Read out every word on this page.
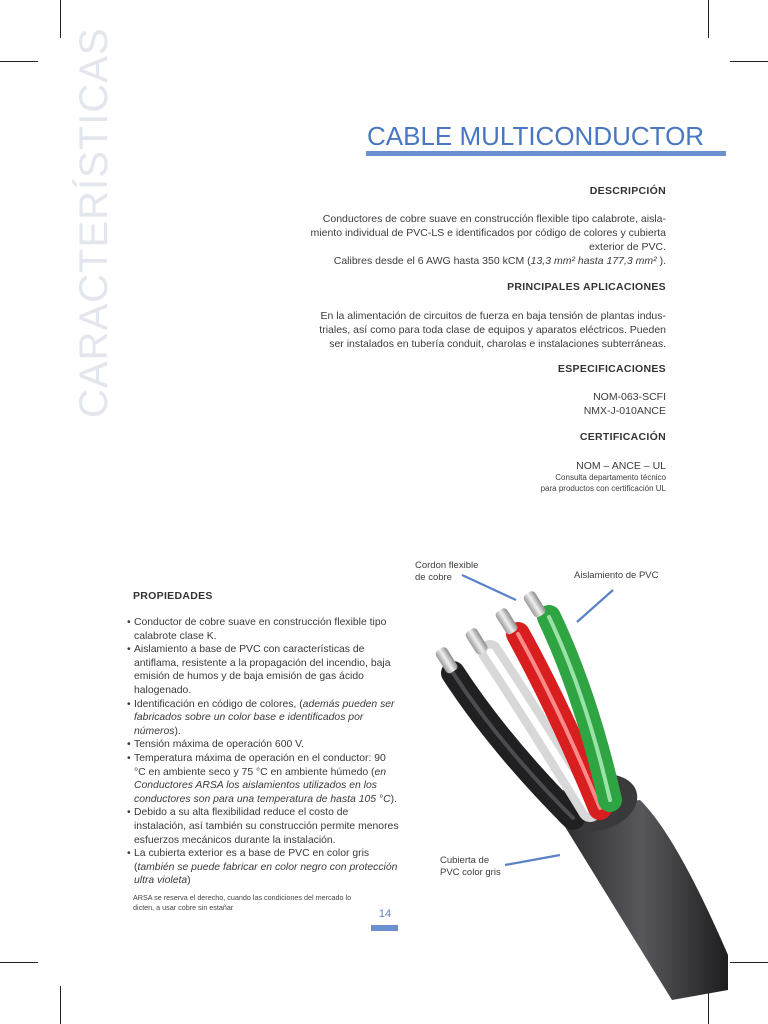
CARACTERÍSTICAS	CABLE MULTICONDUCTOR
DESCRIPCIÓN
Conductores de cobre suave en construcción flexible tipo calabrote, aisla-
miento individual de PVC-LS e identificados por código de colores y cubierta
exterior de PVC.
Calibres desde el 6 AWG hasta 350 kCM (13,3 mm² hasta 177,3 mm² ).
PRINCIPALES APLICACIONES
En la alimentación de circuitos de fuerza en baja tensión de plantas indus-
triales, así como para toda clase de equipos y aparatos eléctricos. Pueden
ser instalados en tubería conduit, charolas e instalaciones subterráneas.
ESPECIFICACIONES
NOM-063-SCFI
NMX-J-010ANCE
CERTIFICACIÓN
NOM – ANCE – UL
Consulta departamento técnico
para productos con certificación UL
Cordon flexible
de cobre	Aislamiento de PVC
Cubierta de
PVC color gris
PROPIEDADES
• Conductor de cobre suave en construcción flexible tipo calabrote clase K.
• Aislamiento a base de PVC con características de antiflama, resistente a la propagación del incendio, baja emisión de humos y de baja emisión de gas ácido halogenado.
• Identificación en código de colores, (además pueden ser fabricados sobre un color base e identificados por números).
• Tensión máxima de operación 600 V.
• Temperatura máxima de operación en el conductor: 90 °C en ambiente seco y 75 °C en ambiente húmedo (en Conductores ARSA los aislamientos utilizados en los conductores son para una temperatura de hasta 105 °C).
• Debido a su alta flexibilidad reduce el costo de instalación, así también su construcción permite menores esfuerzos mecánicos durante la instalación.
• La cubierta exterior es a base de PVC en color gris (también se puede fabricar en color negro con protección ultra violeta)
ARSA se reserva el derecho, cuando las condiciones del mercado lo dicten, a usar cobre sin estañar
14
